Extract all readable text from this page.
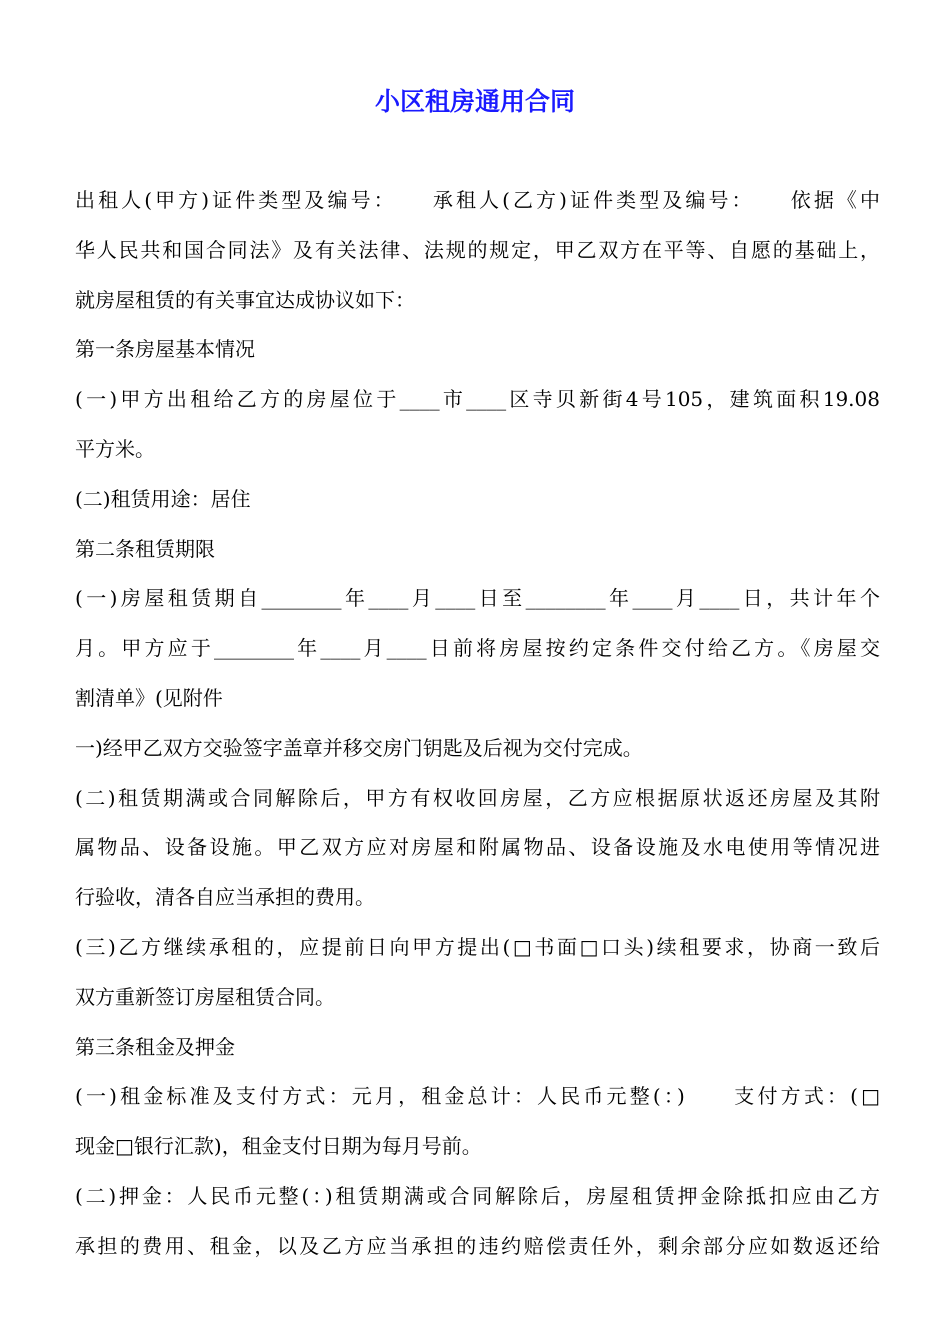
小区租房通用合同
出租人(甲方)证件类型及编号：　　承租人(乙方)证件类型及编号：　　依据《中
华人民共和国合同法》及有关法律、法规的规定，甲乙双方在平等、自愿的基础上，
就房屋租赁的有关事宜达成协议如下：
第一条房屋基本情况
(一)甲方出租给乙方的房屋位于____市____区寺贝新街4号105，建筑面积19.08
平方米。
(二)租赁用途：居住
第二条租赁期限
(一)房屋租赁期自________年____月____日至________年____月____日，共计年个
月。甲方应于________年____月____日前将房屋按约定条件交付给乙方。《房屋交
割清单》(见附件
一)经甲乙双方交验签字盖章并移交房门钥匙及后视为交付完成。
(二)租赁期满或合同解除后，甲方有权收回房屋，乙方应根据原状返还房屋及其附
属物品、设备设施。甲乙双方应对房屋和附属物品、设备设施及水电使用等情况进
行验收，清各自应当承担的费用。
(三)乙方继续承租的，应提前日向甲方提出(□书面□口头)续租要求，协商一致后
双方重新签订房屋租赁合同。
第三条租金及押金
(一)租金标准及支付方式：元月，租金总计：人民币元整(：)　　支付方式：(□
现金□银行汇款)，租金支付日期为每月号前。
(二)押金：人民币元整(：)租赁期满或合同解除后，房屋租赁押金除抵扣应由乙方
承担的费用、租金，以及乙方应当承担的违约赔偿责任外，剩余部分应如数返还给
